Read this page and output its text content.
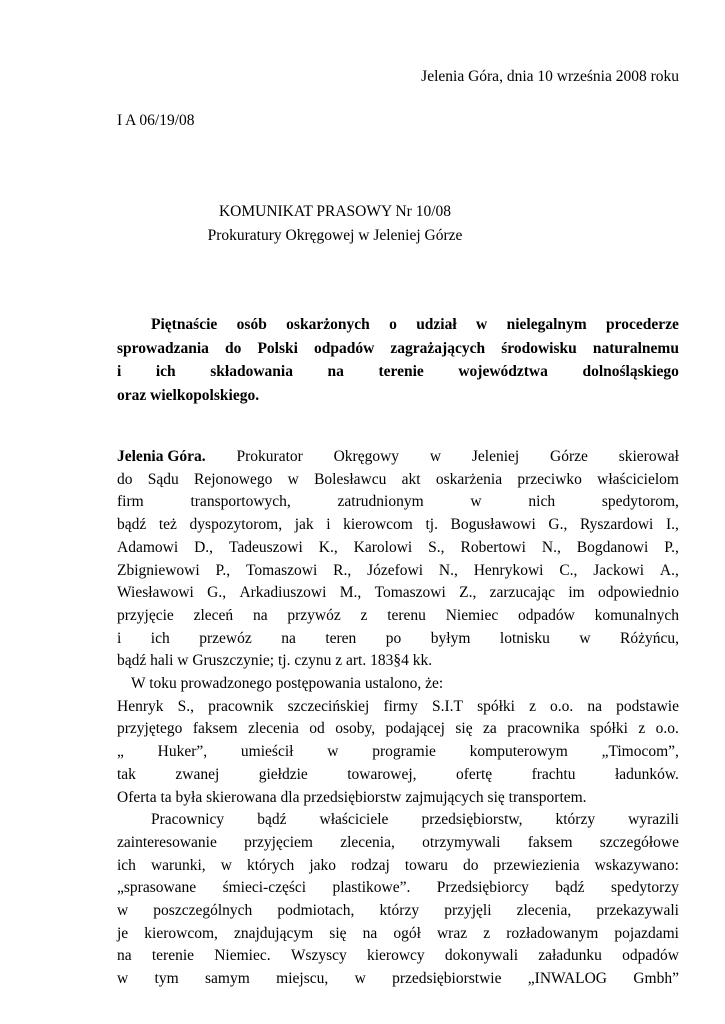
Jelenia Góra, dnia 10 września 2008 roku
I A 06/19/08
KOMUNIKAT PRASOWY Nr 10/08
Prokuratury Okręgowej w Jeleniej Górze
Piętnaście osób oskarżonych o udział w nielegalnym procederze
sprowadzania do Polski odpadów zagrażających środowisku naturalnemu
i ich składowania na terenie województwa dolnośląskiego
oraz wielkopolskiego.
Jelenia Góra. Prokurator Okręgowy w Jeleniej Górze skierował
do Sądu Rejonowego w Bolesławcu akt oskarżenia przeciwko właścicielom
firm	transportowych,	zatrudnionym	w	nich	spedytorom,
bądź też dyspozytorom, jak i kierowcom tj. Bogusławowi G., Ryszardowi I.,
Adamowi D., Tadeuszowi K., Karolowi S., Robertowi N., Bogdanowi P.,
Zbigniewowi P., Tomaszowi R., Józefowi N., Henrykowi C., Jackowi A.,
Wiesławowi G., Arkadiuszowi M., Tomaszowi Z., zarzucając im odpowiednio
przyjęcie zleceń na przywóz z terenu Niemiec odpadów komunalnych
i ich przewóz na teren po byłym lotnisku w Różyńcu,
bądź hali w Gruszczynie; tj. czynu z art. 183§4 kk.
W toku prowadzonego postępowania ustalono, że:
Henryk S., pracownik szczecińskiej firmy S.I.T spółki z o.o. na podstawie
przyjętego faksem zlecenia od osoby, podającej się za pracownika spółki z o.o.
„ Huker”, umieścił w programie komputerowym „Timocom”,
tak	zwanej	giełdzie	towarowej,	ofertę	frachtu	ładunków.
Oferta ta była skierowana dla przedsiębiorstw zajmujących się transportem.
Pracownicy bądź właściciele przedsiębiorstw, którzy wyrazili
zainteresowanie przyjęciem zlecenia, otrzymywali faksem szczegółowe
ich warunki, w których jako rodzaj towaru do przewiezienia wskazywano:
„sprasowane śmieci-części plastikowe”. Przedsiębiorcy bądź spedytorzy
w poszczególnych podmiotach, którzy przyjęli zlecenia, przekazywali
je kierowcom, znajdującym się na ogół wraz z rozładowanym pojazdami
na terenie Niemiec. Wszyscy kierowcy dokonywali załadunku odpadów
w tym samym miejscu, w przedsiębiorstwie „INWALOG Gmbh”
